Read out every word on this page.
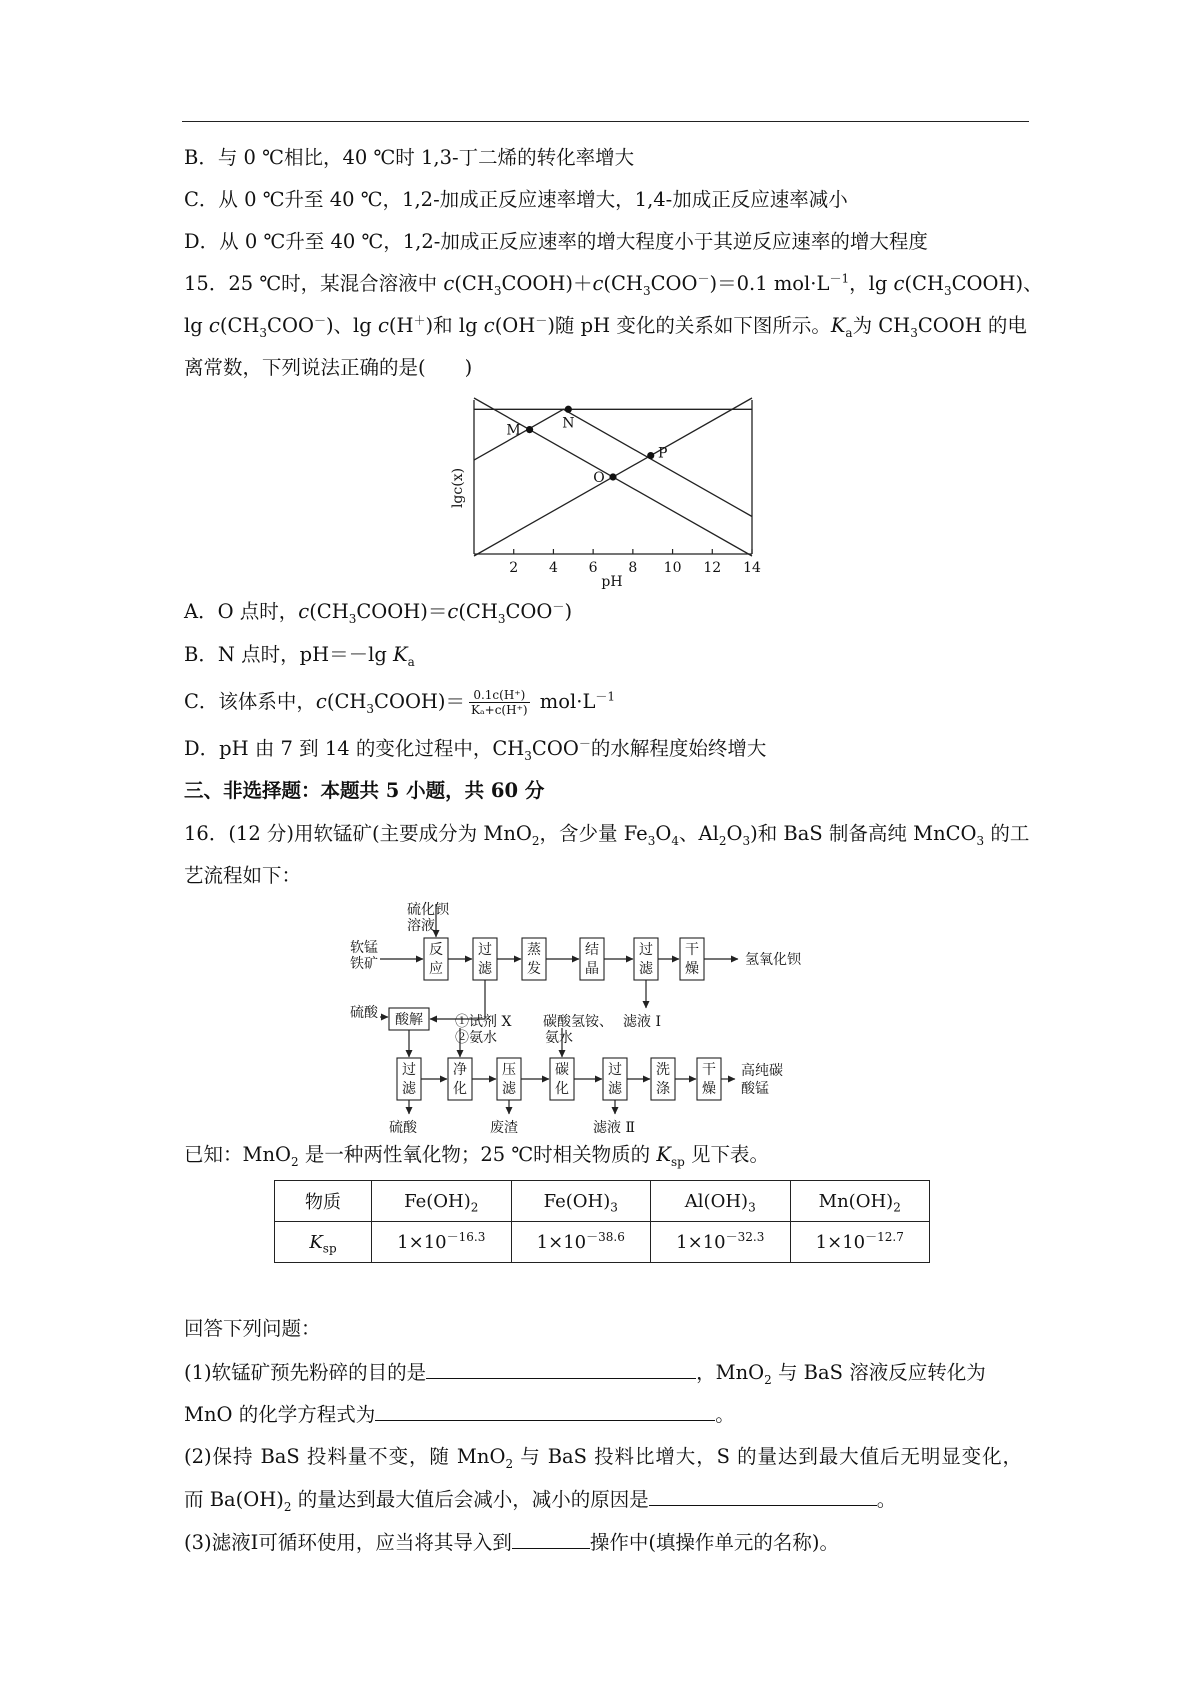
B．与 0 ℃相比，40 ℃时 1,3-丁二烯的转化率增大
C．从 0 ℃升至 40 ℃，1,2-加成正反应速率增大，1,4-加成正反应速率减小
D．从 0 ℃升至 40 ℃，1,2-加成正反应速率的增大程度小于其逆反应速率的增大程度
15．25 ℃时，某混合溶液中 $c(CH_3COOH)+c(CH_3COO^-)=0.1$ $mol\cdot L^{-1}$，$\lg c(CH_3COOH)$、
$\lg c(CH_3COO^-)$、lg c(H＋)和 lg c(OH－)随 pH 变化的关系如下图所示。$K_a$为 $CH_3COOH$ 的电
离常数，下列说法正确的是(　　)
2 4 6 8 10 12 14
M	N
O
P
lgc(x)
pH
A．O 点时，$c(CH_3COOH)=c(CH_3COO^-)$
B．N 点时，pH＝－lg $K_a$
C．该体系中，$c(CH_3COOH)= \frac{0.1c(H^+)}{\text{Kₐ+c(H⁺)}} mol\cdot L^{-1}$
D．pH 由 7 到 14 的变化过程中，$CH_3COO^-$的水解程度始终增大
三、非选择题：本题共 5 小题，共 60 分
16．(12 分)用软锰矿(主要成分为 MnO$_2$，含少量 $Fe_3O_4$、$Al_2O_3$)和 BaS 制备高纯 MnCO$_3$ 的工
艺流程如下：
反
应
过
滤
蒸
发
结
晶
过
滤
干
燥
氢氧化钡
硫化钡
溶液
软锰
铁矿
滤液 Ⅰ
酸解
硫酸
过
滤
净
化
压
滤
碳
化
过
滤
洗
涤
干
燥
高纯碳
酸锰
①试剂 X
②氨水
碳酸氢铵、
氨水
硫酸	废渣	滤液 Ⅱ
已知：MnO$_2$ 是一种两性氧化物；25 ℃时相关物质的 $K_{sp}$ 见下表。
物质	$Fe(OH)_2$	$Fe(OH)_3$	$Al(OH)_3$	$Mn(OH)_2$
$K_{sp}$	$1\times 10^{-16.3}$	$1\times 10^{-38.6}$	$1\times 10^{-32.3}$	$1\times 10^{-12.7}$
回答下列问题：
(1)软锰矿预先粉碎的目的是	，MnO$_2$ 与 BaS 溶液反应转化为
MnO 的化学方程式为	。
(2)保持 BaS 投料量不变，随 MnO$_2$ 与 BaS 投料比增大，S 的量达到最大值后无明显变化，
而 $Ba(OH)_2$ 的量达到最大值后会减小，减小的原因是	。
(3)滤液Ⅰ可循环使用，应当将其导入到	操作中(填操作单元的名称)。
